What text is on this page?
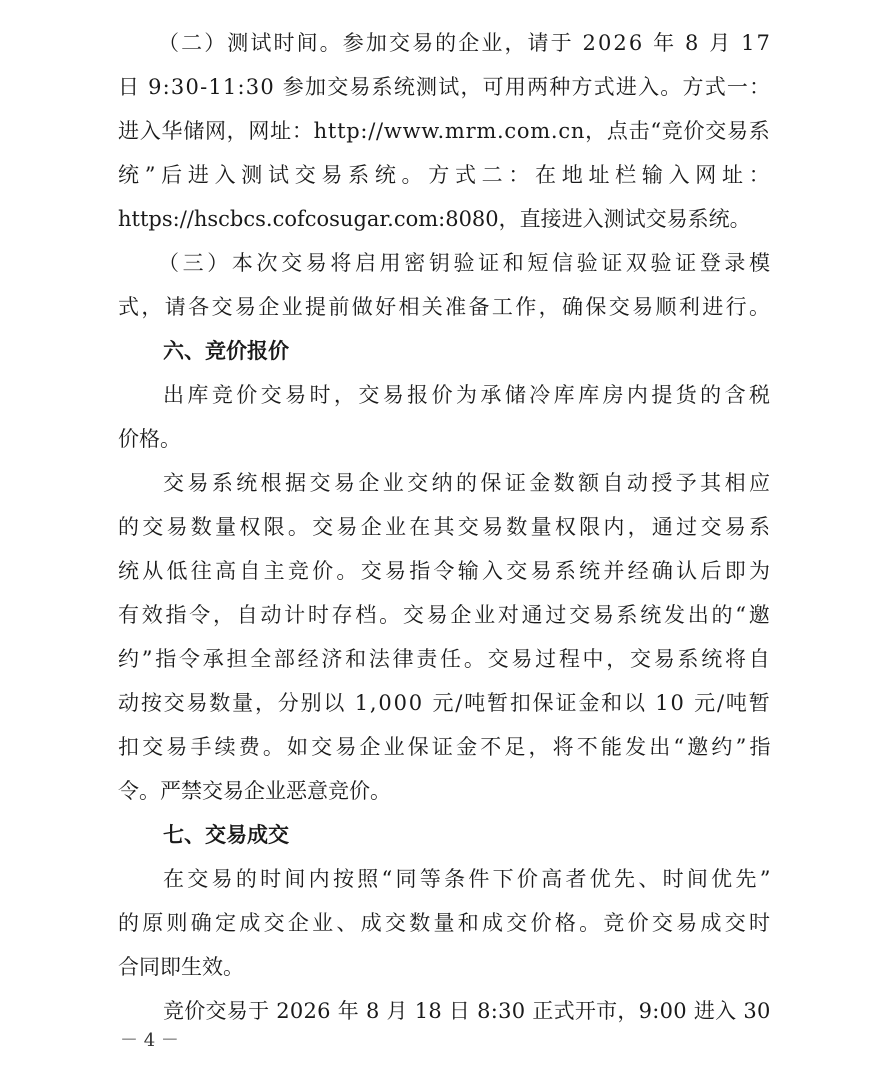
（二）测试时间。参加交易的企业，请于 2026 年 8 月 17
日 9:30-11:30 参加交易系统测试，可用两种方式进入。方式一：
进入华储网，网址：http://www.mrm.com.cn，点击“竞价交易系
统”后进入测试交易系统。方式二：在地址栏输入网址：
https://hscbcs.cofcosugar.com:8080，直接进入测试交易系统。
（三）本次交易将启用密钥验证和短信验证双验证登录模
式，请各交易企业提前做好相关准备工作，确保交易顺利进行。
六、竞价报价
出库竞价交易时，交易报价为承储冷库库房内提货的含税
价格。
交易系统根据交易企业交纳的保证金数额自动授予其相应
的交易数量权限。交易企业在其交易数量权限内，通过交易系
统从低往高自主竞价。交易指令输入交易系统并经确认后即为
有效指令，自动计时存档。交易企业对通过交易系统发出的“邀
约”指令承担全部经济和法律责任。交易过程中，交易系统将自
动按交易数量，分别以 1,000 元/吨暂扣保证金和以 10 元/吨暂
扣交易手续费。如交易企业保证金不足，将不能发出“邀约”指
令。严禁交易企业恶意竞价。
七、交易成交
在交易的时间内按照“同等条件下价高者优先、时间优先”
的原则确定成交企业、成交数量和成交价格。竞价交易成交时
合同即生效。
竞价交易于 2026 年 8 月 18 日 8:30 正式开市，9:00 进入 30
－ 4 －
